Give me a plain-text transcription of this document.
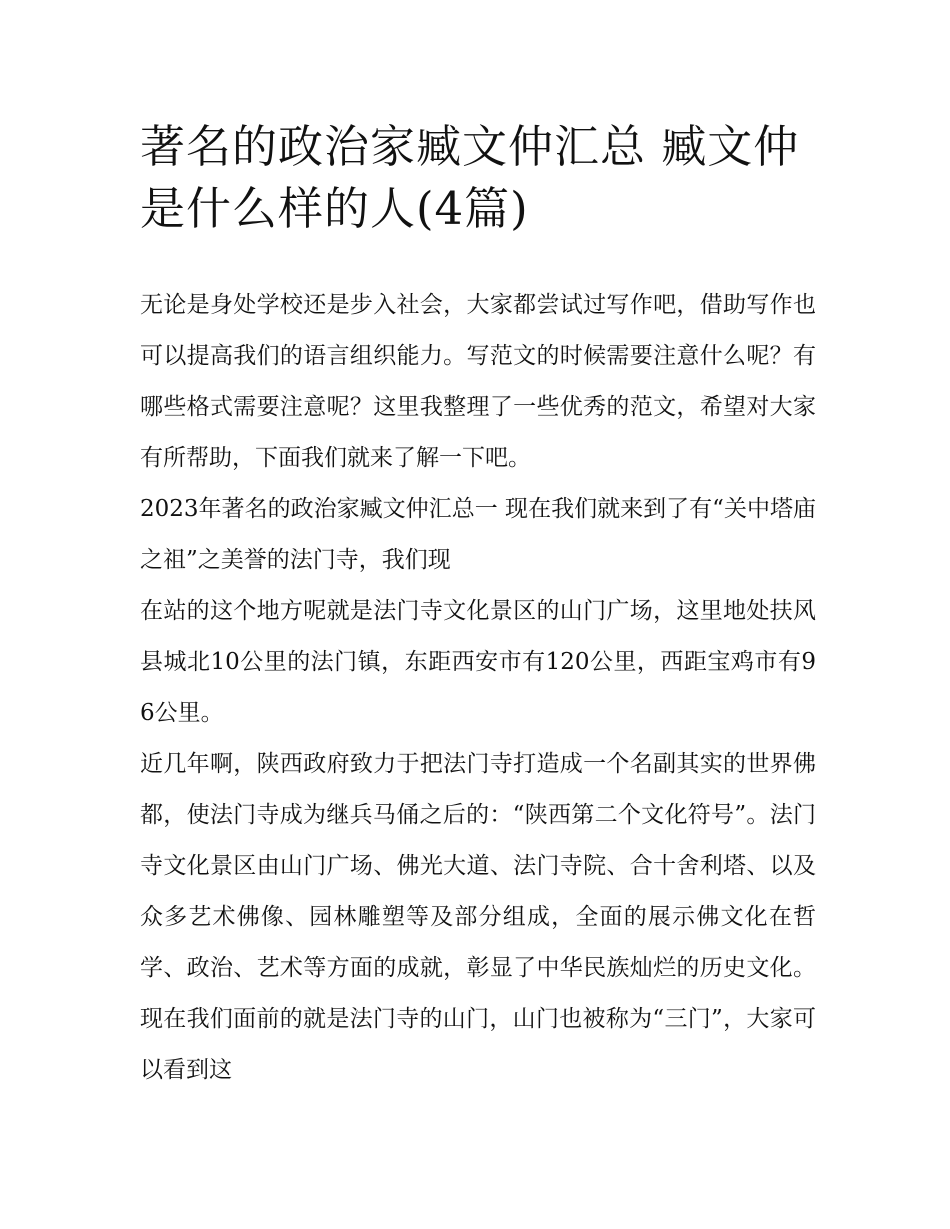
著名的政治家臧文仲汇总 臧文仲是什么样的人(4篇)

无论是身处学校还是步入社会，大家都尝试过写作吧，借助写作也可以提高我们的语言组织能力。写范文的时候需要注意什么呢？有哪些格式需要注意呢？这里我整理了一些优秀的范文，希望对大家有所帮助，下面我们就来了解一下吧。

2023年著名的政治家臧文仲汇总一 现在我们就来到了有“关中塔庙之祖”之美誉的法门寺，我们现

在站的这个地方呢就是法门寺文化景区的山门广场，这里地处扶风县城北10公里的法门镇，东距西安市有120公里，西距宝鸡市有96公里。

近几年啊，陕西政府致力于把法门寺打造成一个名副其实的世界佛都，使法门寺成为继兵马俑之后的：“陕西第二个文化符号”。法门寺文化景区由山门广场、佛光大道、法门寺院、合十舍利塔、以及众多艺术佛像、园林雕塑等及部分组成，全面的展示佛文化在哲学、政治、艺术等方面的成就，彰显了中华民族灿烂的历史文化。现在我们面前的就是法门寺的山门，山门也被称为“三门”，大家可以看到这
